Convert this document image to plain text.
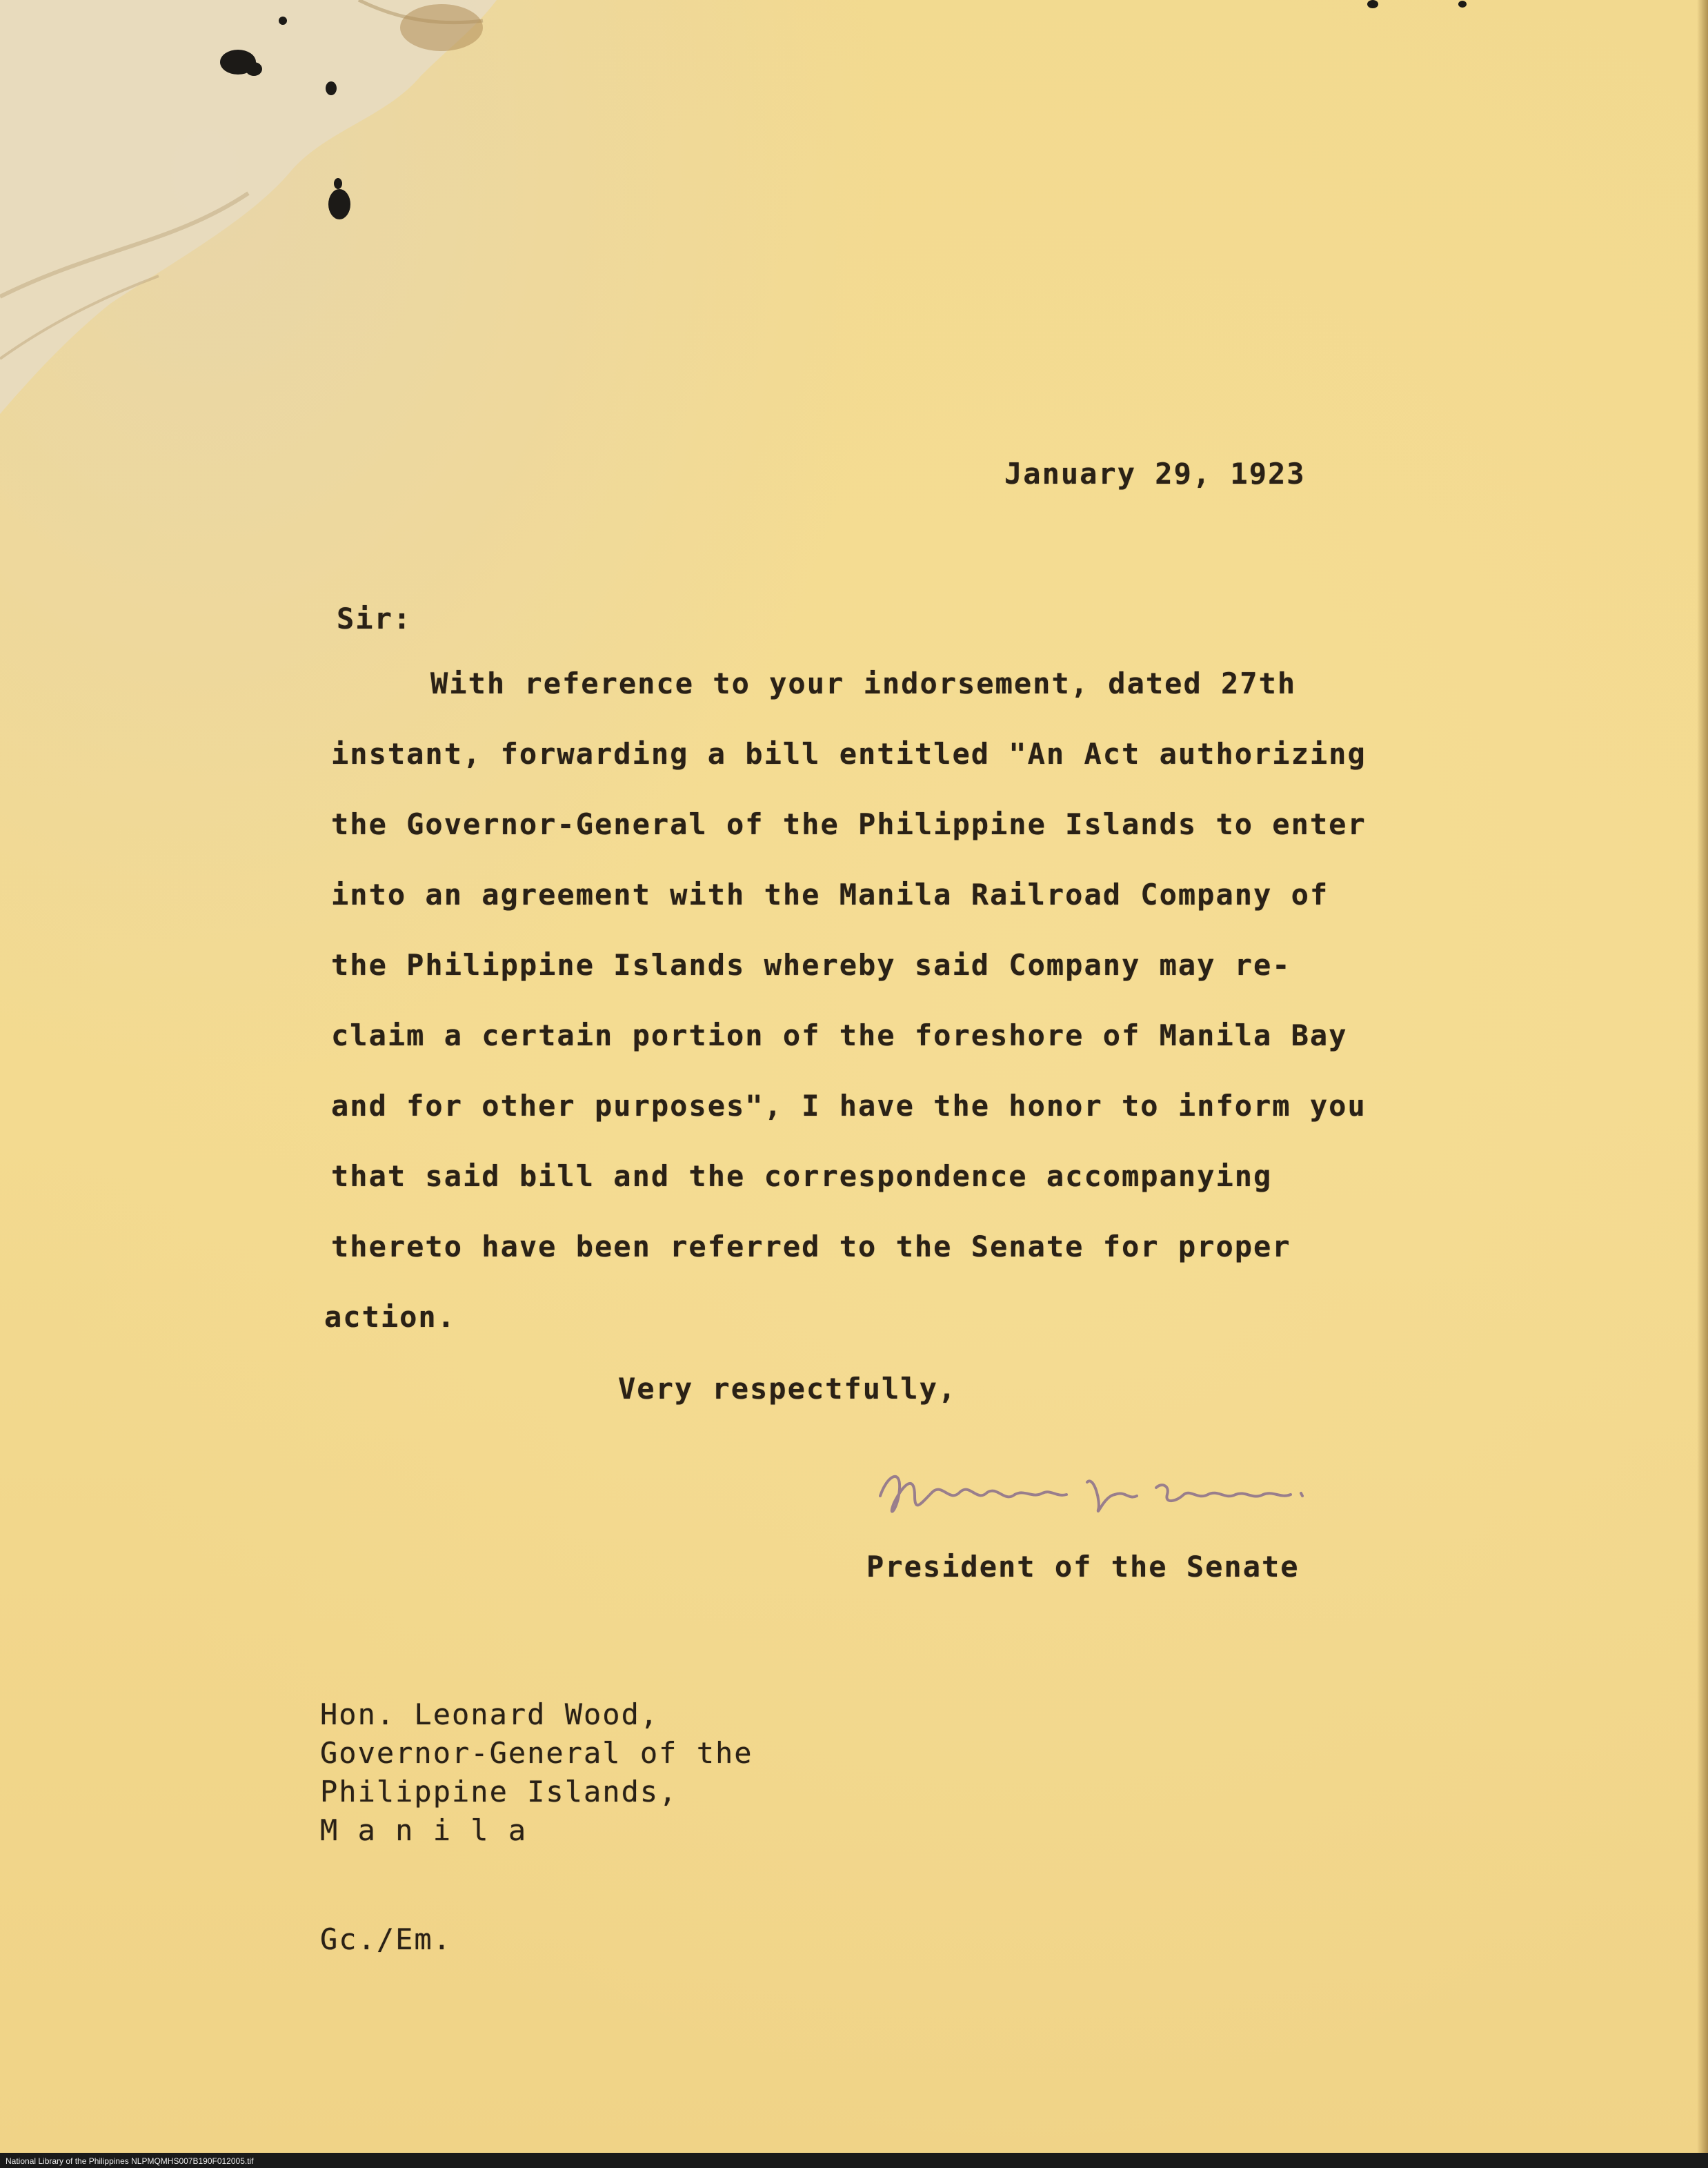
January 29, 1923
Sir:
With reference to your indorsement, dated 27th
instant, forwarding a bill entitled "An Act authorizing
the Governor-General of the Philippine Islands to enter
into an agreement with the Manila Railroad Company of
the Philippine Islands whereby said Company may re-
claim a certain portion of the foreshore of Manila Bay
and for other purposes", I have the honor to inform you
that said bill and the correspondence accompanying
thereto have been referred to the Senate for proper
action.
Very respectfully,
President of the Senate
Hon. Leonard Wood,
Governor-General of the
Philippine Islands,
M a n i l a
Gc./Em.
National Library of the Philippines NLPMQMHS007B190F012005.tif
